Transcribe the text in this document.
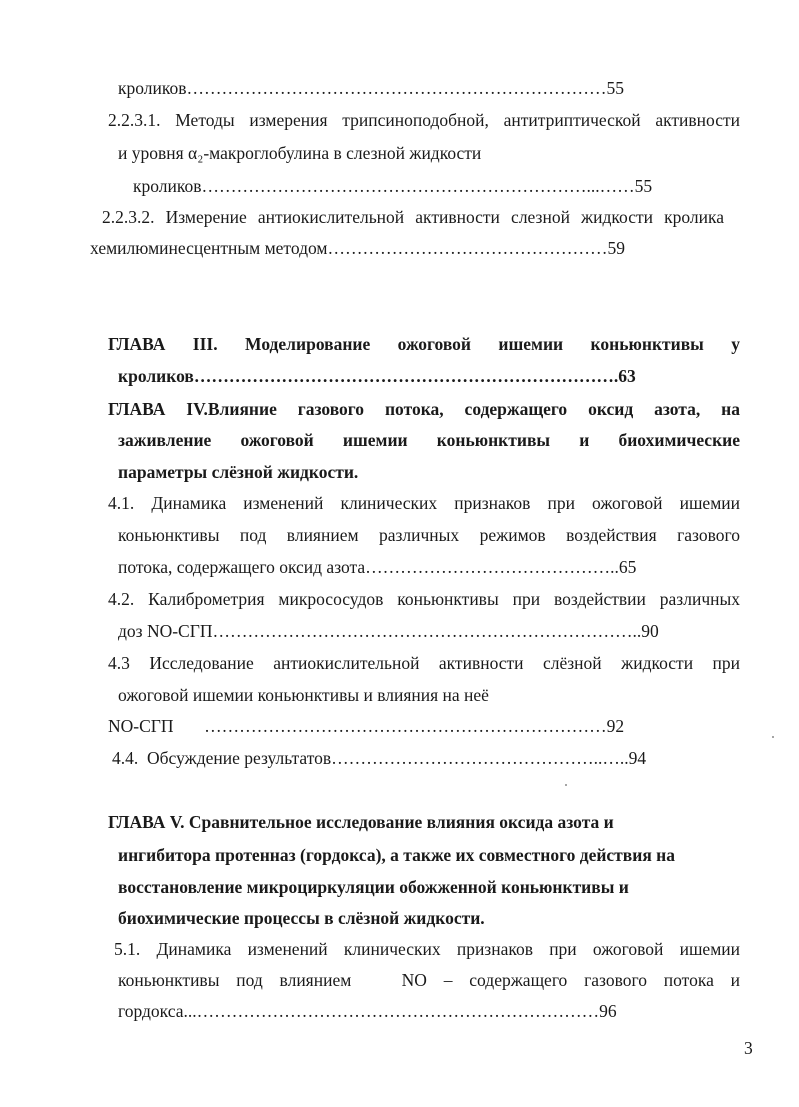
кроликов………………………………………………………………55
2.2.3.1. Методы измерения трипсиноподобной, антитриптической активности
и уровня α₂-макроглобулина в слезной жидкости
кроликов…………………………………………………………...……55
2.2.3.2. Измерение антиокислительной активности слезной жидкости кролика
хемилюминесцентным методом…………………………………………59
ГЛАВА III. Моделирование ожоговой ишемии коньюнктивы у
кроликов……………………………………………………………….63
ГЛАВА IV.Влияние газового потока, содержащего оксид азота, на
заживление ожоговой ишемии коньюнктивы и биохимические
параметры слёзной жидкости.
4.1. Динамика изменений клинических признаков при ожоговой ишемии
коньюнктивы под влиянием различных режимов воздействия газового
потока, содержащего оксид азота……………………………………..65
4.2. Калиброметрия микрососудов коньюнктивы при воздействии различных
доз NO-СГП………………………………………………………………..90
4.3 Исследование антиокислительной активности слёзной жидкости при
ожоговой ишемии коньюнктивы и влияния на неё
NO-СГП       ……………………………………………………………92
4.4.  Обсуждение результатов………………………………………..…..94
ГЛАВА V. Сравнительное исследование влияния оксида азота и
ингибитора протенназ (гордокса), а также их совместного действия на
восстановление микроциркуляции обожженной коньюнктивы и
биохимические процессы в слёзной жидкости.
5.1. Динамика изменений клинических признаков при ожоговой ишемии
коньюнктивы под влиянием   NO – содержащего газового потока и
гордокса...……………………………………………………………96
3
